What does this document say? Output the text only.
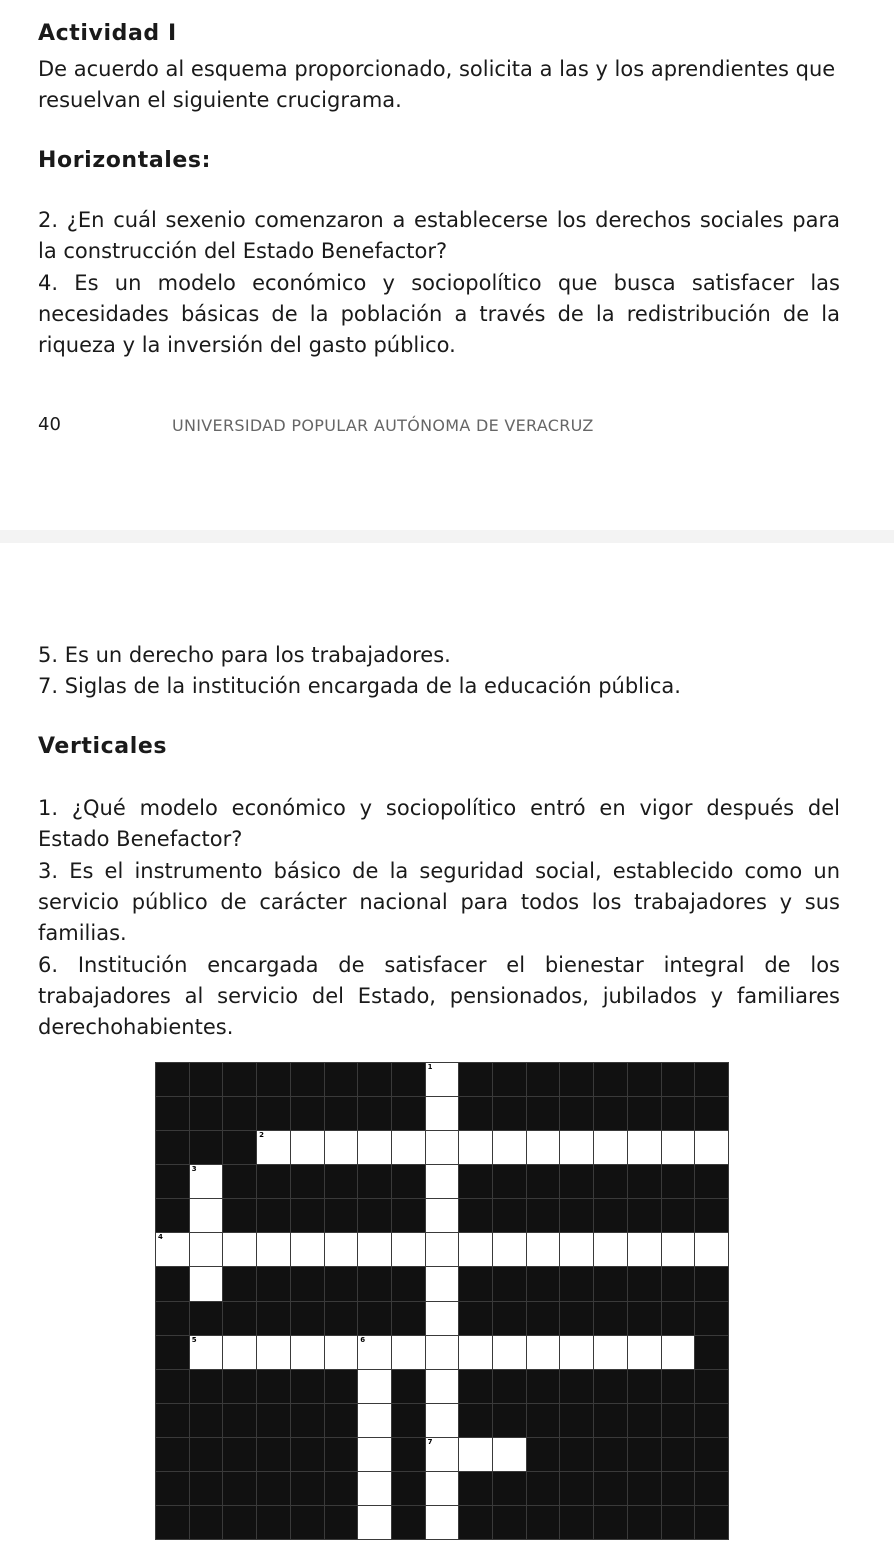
Actividad I
De acuerdo al esquema proporcionado, solicita a las y los aprendientes que resuelvan el siguiente crucigrama.
Horizontales:
2. ¿En cuál sexenio comenzaron a establecerse los derechos sociales para la construcción del Estado Benefactor?
4. Es un modelo económico y sociopolítico que busca satisfacer las necesidades básicas de la población a través de la redistribución de la riqueza y la inversión del gasto público.
40	UNIVERSIDAD POPULAR AUTÓNOMA DE VERACRUZ
5. Es un derecho para los trabajadores.
7. Siglas de la institución encargada de la educación pública.
Verticales
1. ¿Qué modelo económico y sociopolítico entró en vigor después del Estado Benefactor?
3. Es el instrumento básico de la seguridad social, establecido como un servicio público de carácter nacional para todos los trabajadores y sus familias.
6. Institución encargada de satisfacer el bienestar integral de los trabajadores al servicio del Estado, pensionados, jubilados y familiares derechohabientes.
1
2
3
4
5	6
7
